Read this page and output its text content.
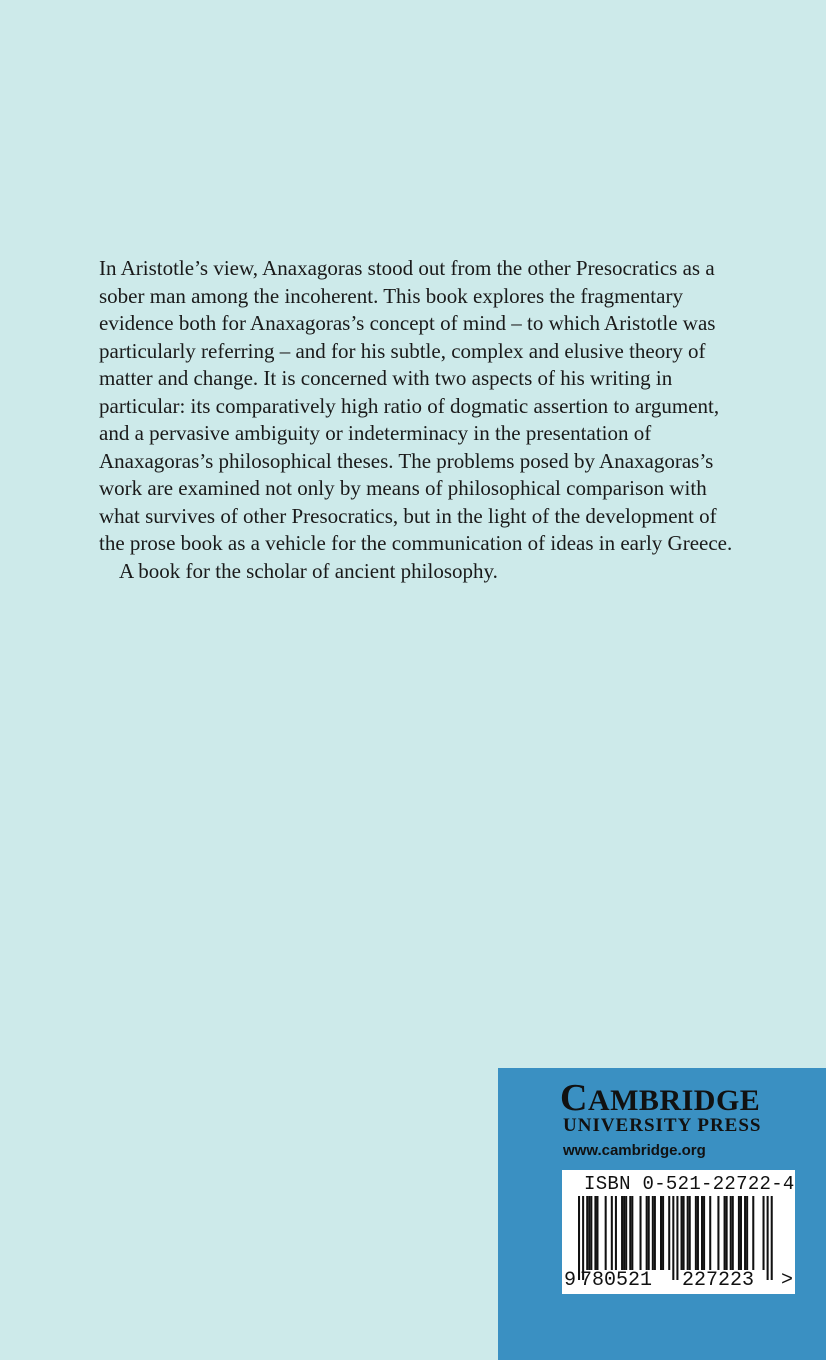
In Aristotle’s view, Anaxagoras stood out from the other Presocratics as a
sober man among the incoherent. This book explores the fragmentary
evidence both for Anaxagoras’s concept of mind – to which Aristotle was
particularly referring – and for his subtle, complex and elusive theory of
matter and change. It is concerned with two aspects of his writing in
particular: its comparatively high ratio of dogmatic assertion to argument,
and a pervasive ambiguity or indeterminacy in the presentation of
Anaxagoras’s philosophical theses. The problems posed by Anaxagoras’s
work are examined not only by means of philosophical comparison with
what survives of other Presocratics, but in the light of the development of
the prose book as a vehicle for the communication of ideas in early Greece.

A book for the scholar of ancient philosophy.

CAMBRIDGE
UNIVERSITY PRESS
www.cambridge.org
ISBN 0-521-22722-4
9 780521 227223 >
